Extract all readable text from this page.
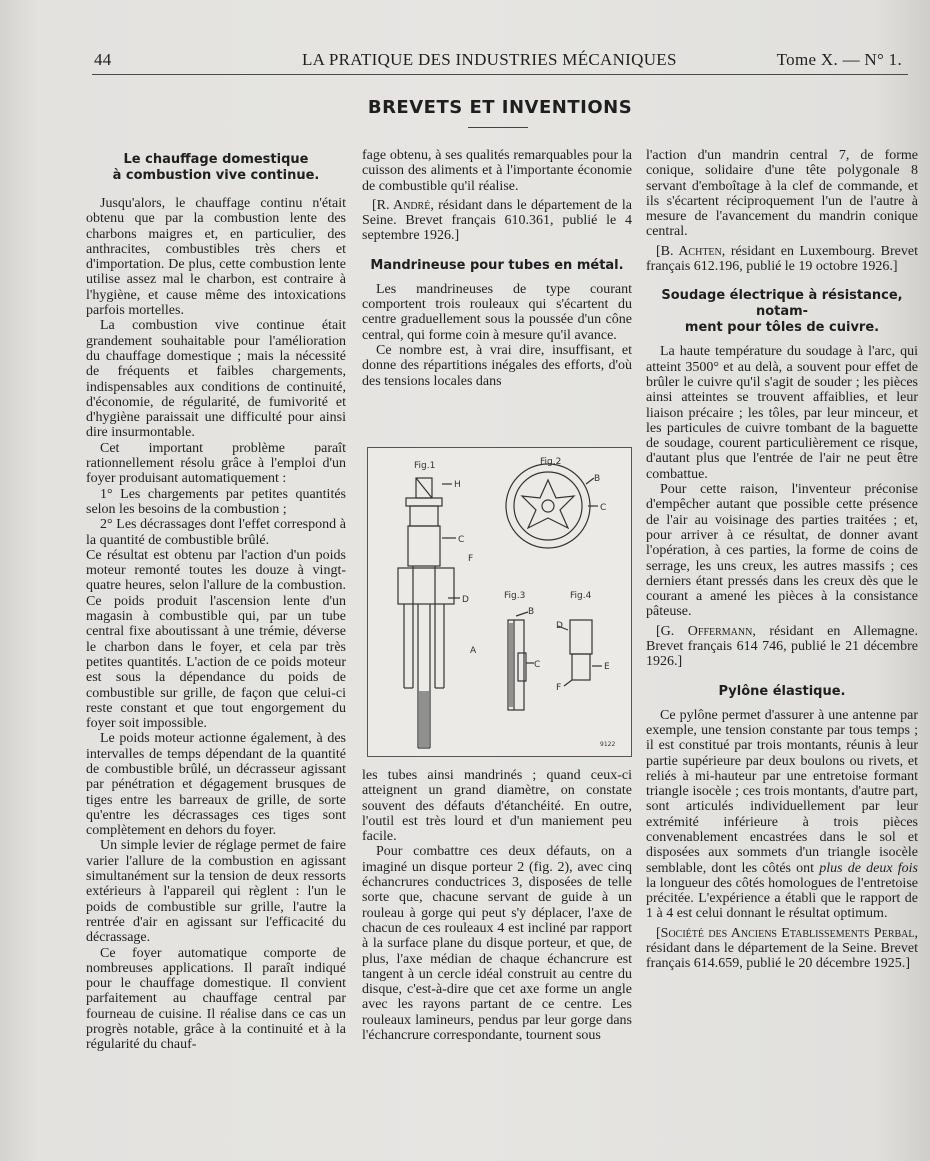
44	LA PRATIQUE DES INDUSTRIES MÉCANIQUES	Tome X. — N° 1.
BREVETS ET INVENTIONS
Le chauffage domestique
à combustion vive continue.

Jusqu'alors, le chauffage continu n'était obtenu que par la combustion lente des charbons maigres et, en particulier, des anthracites, combustibles très chers et d'importation. De plus, cette combustion lente utilise assez mal le charbon, est contraire à l'hygiène, et cause même des intoxications parfois mortelles.

La combustion vive continue était grandement souhaitable pour l'amélioration du chauffage domestique ; mais la nécessité de fréquents et faibles chargements, indispensables aux conditions de continuité, d'économie, de régularité, de fumivorité et d'hygiène paraissait une difficulté pour ainsi dire insurmontable.

Cet important problème paraît rationnellement résolu grâce à l'emploi d'un foyer produisant automatiquement :

1° Les chargements par petites quantités selon les besoins de la combustion ;

2° Les décrassages dont l'effet correspond à la quantité de combustible brûlé.

Ce résultat est obtenu par l'action d'un poids moteur remonté toutes les douze à vingt-quatre heures, selon l'allure de la combustion. Ce poids produit l'ascension lente d'un magasin à combustible qui, par un tube central fixe aboutissant à une trémie, déverse le charbon dans le foyer, et cela par très petites quantités. L'action de ce poids moteur est sous la dépendance du poids de combustible sur grille, de façon que celui-ci reste constant et que tout engorgement du foyer soit impossible.

Le poids moteur actionne également, à des intervalles de temps dépendant de la quantité de combustible brûlé, un décrasseur agissant par pénétration et dégagement brusques de tiges entre les barreaux de grille, de sorte qu'entre les décrassages ces tiges sont complètement en dehors du foyer.

Un simple levier de réglage permet de faire varier l'allure de la combustion en agissant simultanément sur la tension de deux ressorts extérieurs à l'appareil qui règlent : l'un le poids de combustible sur grille, l'autre la rentrée d'air en agissant sur l'efficacité du décrassage.

Ce foyer automatique comporte de nombreuses applications. Il paraît indiqué pour le chauffage domestique. Il convient parfaitement au chauffage central par fourneau de cuisine. Il réalise dans ce cas un progrès notable, grâce à la continuité et à la régularité du chauf-

fage obtenu, à ses qualités remarquables pour la cuisson des aliments et à l'importante économie de combustible qu'il réalise.

[R. André, résidant dans le département de la Seine. Brevet français 610.361, publié le 4 septembre 1926.]

Mandrineuse pour tubes en métal.

Les mandrineuses de type courant comportent trois rouleaux qui s'écartent du centre graduellement sous la poussée d'un cône central, qui forme coin à mesure qu'il avance.

Ce nombre est, à vrai dire, insuffisant, et donne des répartitions inégales des efforts, d'où des tensions locales dans

Fig.1	Fig.2
Fig.3	Fig.4
H
C
F
D
A
B
C
B
C
D
E
F
9122

les tubes ainsi mandrinés ; quand ceux-ci atteignent un grand diamètre, on constate souvent des défauts d'étanchéité. En outre, l'outil est très lourd et d'un maniement peu facile.

Pour combattre ces deux défauts, on a imaginé un disque porteur 2 (fig. 2), avec cinq échancrures conductrices 3, disposées de telle sorte que, chacune servant de guide à un rouleau à gorge qui peut s'y déplacer, l'axe de chacun de ces rouleaux 4 est incliné par rapport à la surface plane du disque porteur, et que, de plus, l'axe médian de chaque échancrure est tangent à un cercle idéal construit au centre du disque, c'est-à-dire que cet axe forme un angle avec les rayons partant de ce centre. Les rouleaux lamineurs, pendus par leur gorge dans l'échancrure correspondante, tournent sous

l'action d'un mandrin central 7, de forme conique, solidaire d'une tête polygonale 8 servant d'emboîtage à la clef de commande, et ils s'écartent réciproquement l'un de l'autre à mesure de l'avancement du mandrin conique central.

[B. Achten, résidant en Luxembourg. Brevet français 612.196, publié le 19 octobre 1926.]

Soudage électrique à résistance, notam-
ment pour tôles de cuivre.

La haute température du soudage à l'arc, qui atteint 3500° et au delà, a souvent pour effet de brûler le cuivre qu'il s'agit de souder ; les pièces ainsi atteintes se trouvent affaiblies, et leur liaison précaire ; les tôles, par leur minceur, et les particules de cuivre tombant de la baguette de soudage, courent particulièrement ce risque, d'autant plus que l'entrée de l'air ne peut être combattue.

Pour cette raison, l'inventeur préconise d'empêcher autant que possible cette présence de l'air au voisinage des parties traitées ; et, pour arriver à ce résultat, de donner avant l'opération, à ces parties, la forme de coins de serrage, les uns creux, les autres massifs ; ces derniers étant pressés dans les creux dès que le courant a amené les pièces à la consistance pâteuse.

[G. Offermann, résidant en Allemagne. Brevet français 614 746, publié le 21 décembre 1926.]

Pylône élastique.

Ce pylône permet d'assurer à une antenne par exemple, une tension constante par tous temps ; il est constitué par trois montants, réunis à leur partie supérieure par deux boulons ou rivets, et reliés à mi-hauteur par une entretoise formant triangle isocèle ; ces trois montants, d'autre part, sont articulés individuellement par leur extrémité inférieure à trois pièces convenablement encastrées dans le sol et disposées aux sommets d'un triangle isocèle semblable, dont les côtés ont plus de deux fois la longueur des côtés homologues de l'entretoise précitée. L'expérience a établi que le rapport de 1 à 4 est celui donnant le résultat optimum.

[Société des Anciens Etablissements Perbal, résidant dans le département de la Seine. Brevet français 614.659, publié le 20 décembre 1925.]
